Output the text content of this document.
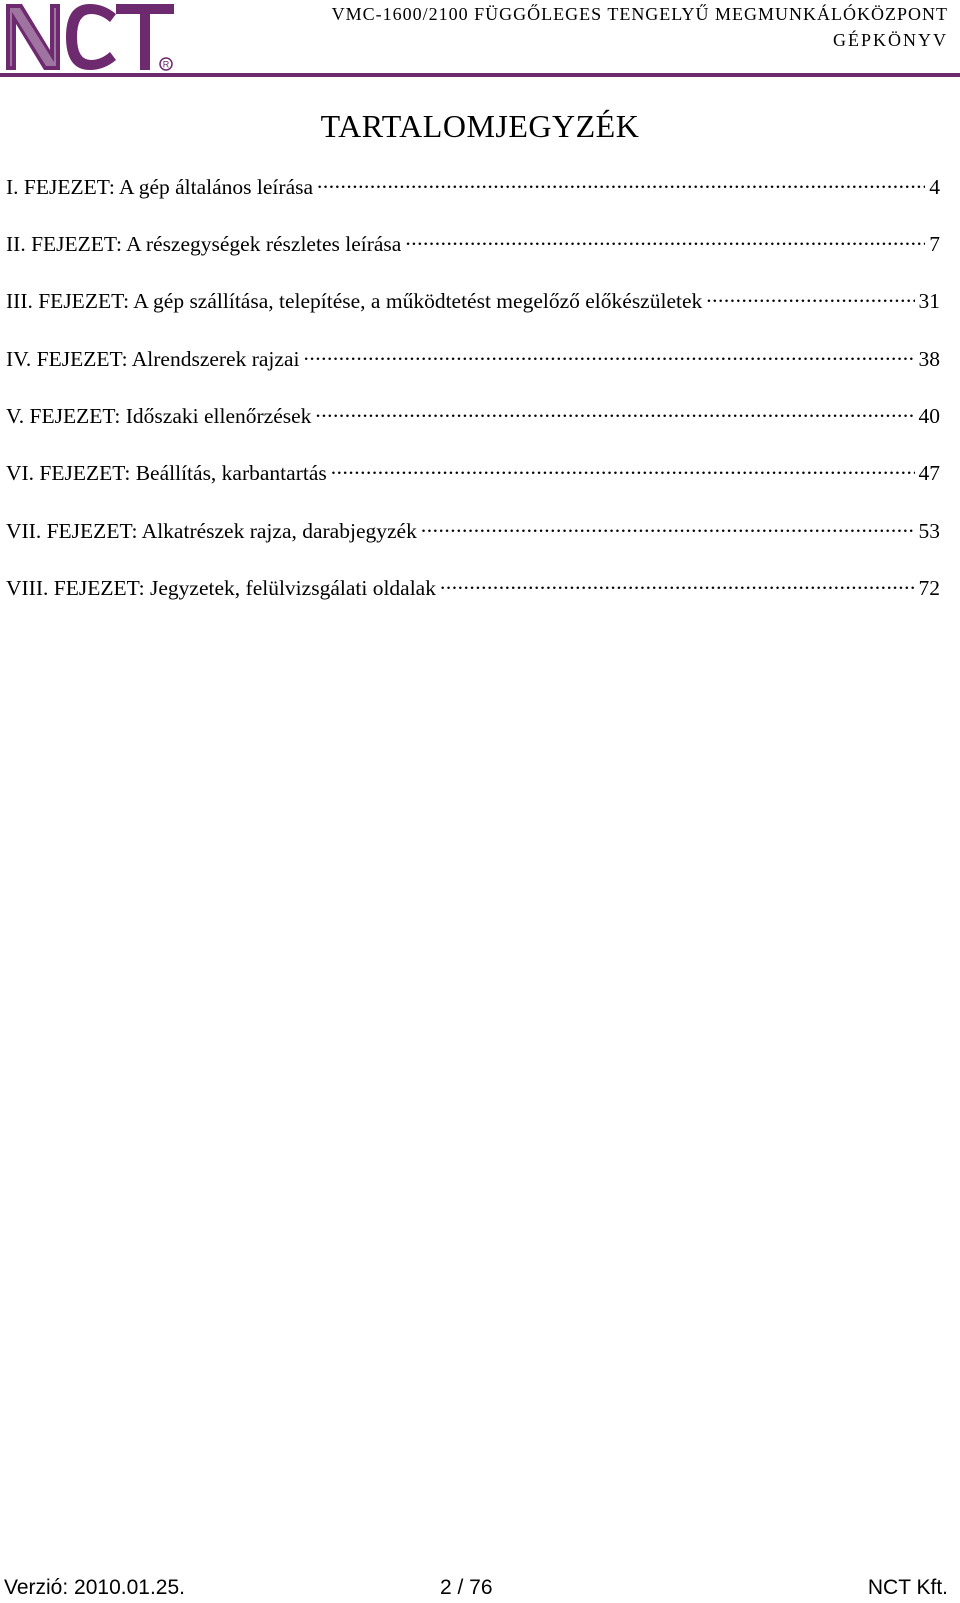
R
VMC-1600/2100 FÜGGŐLEGES TENGELYŰ MEGMUNKÁLÓKÖZPONT
GÉPKÖNYV
TARTALOMJEGYZÉK
I. FEJEZET: A gép általános leírása .....	4
II. FEJEZET: A részegységek részletes leírása .....	7
III. FEJEZET: A gép szállítása, telepítése, a működtetést megelőző előkészületek .....	31
IV. FEJEZET: Alrendszerek rajzai .....	38
V. FEJEZET: Időszaki ellenőrzések .....	40
VI. FEJEZET: Beállítás, karbantartás .....	47
VII. FEJEZET: Alkatrészek rajza, darabjegyzék .....	53
VIII. FEJEZET: Jegyzetek, felülvizsgálati oldalak .....	72
Verzió: 2010.01.25.	2 / 76	NCT Kft.
